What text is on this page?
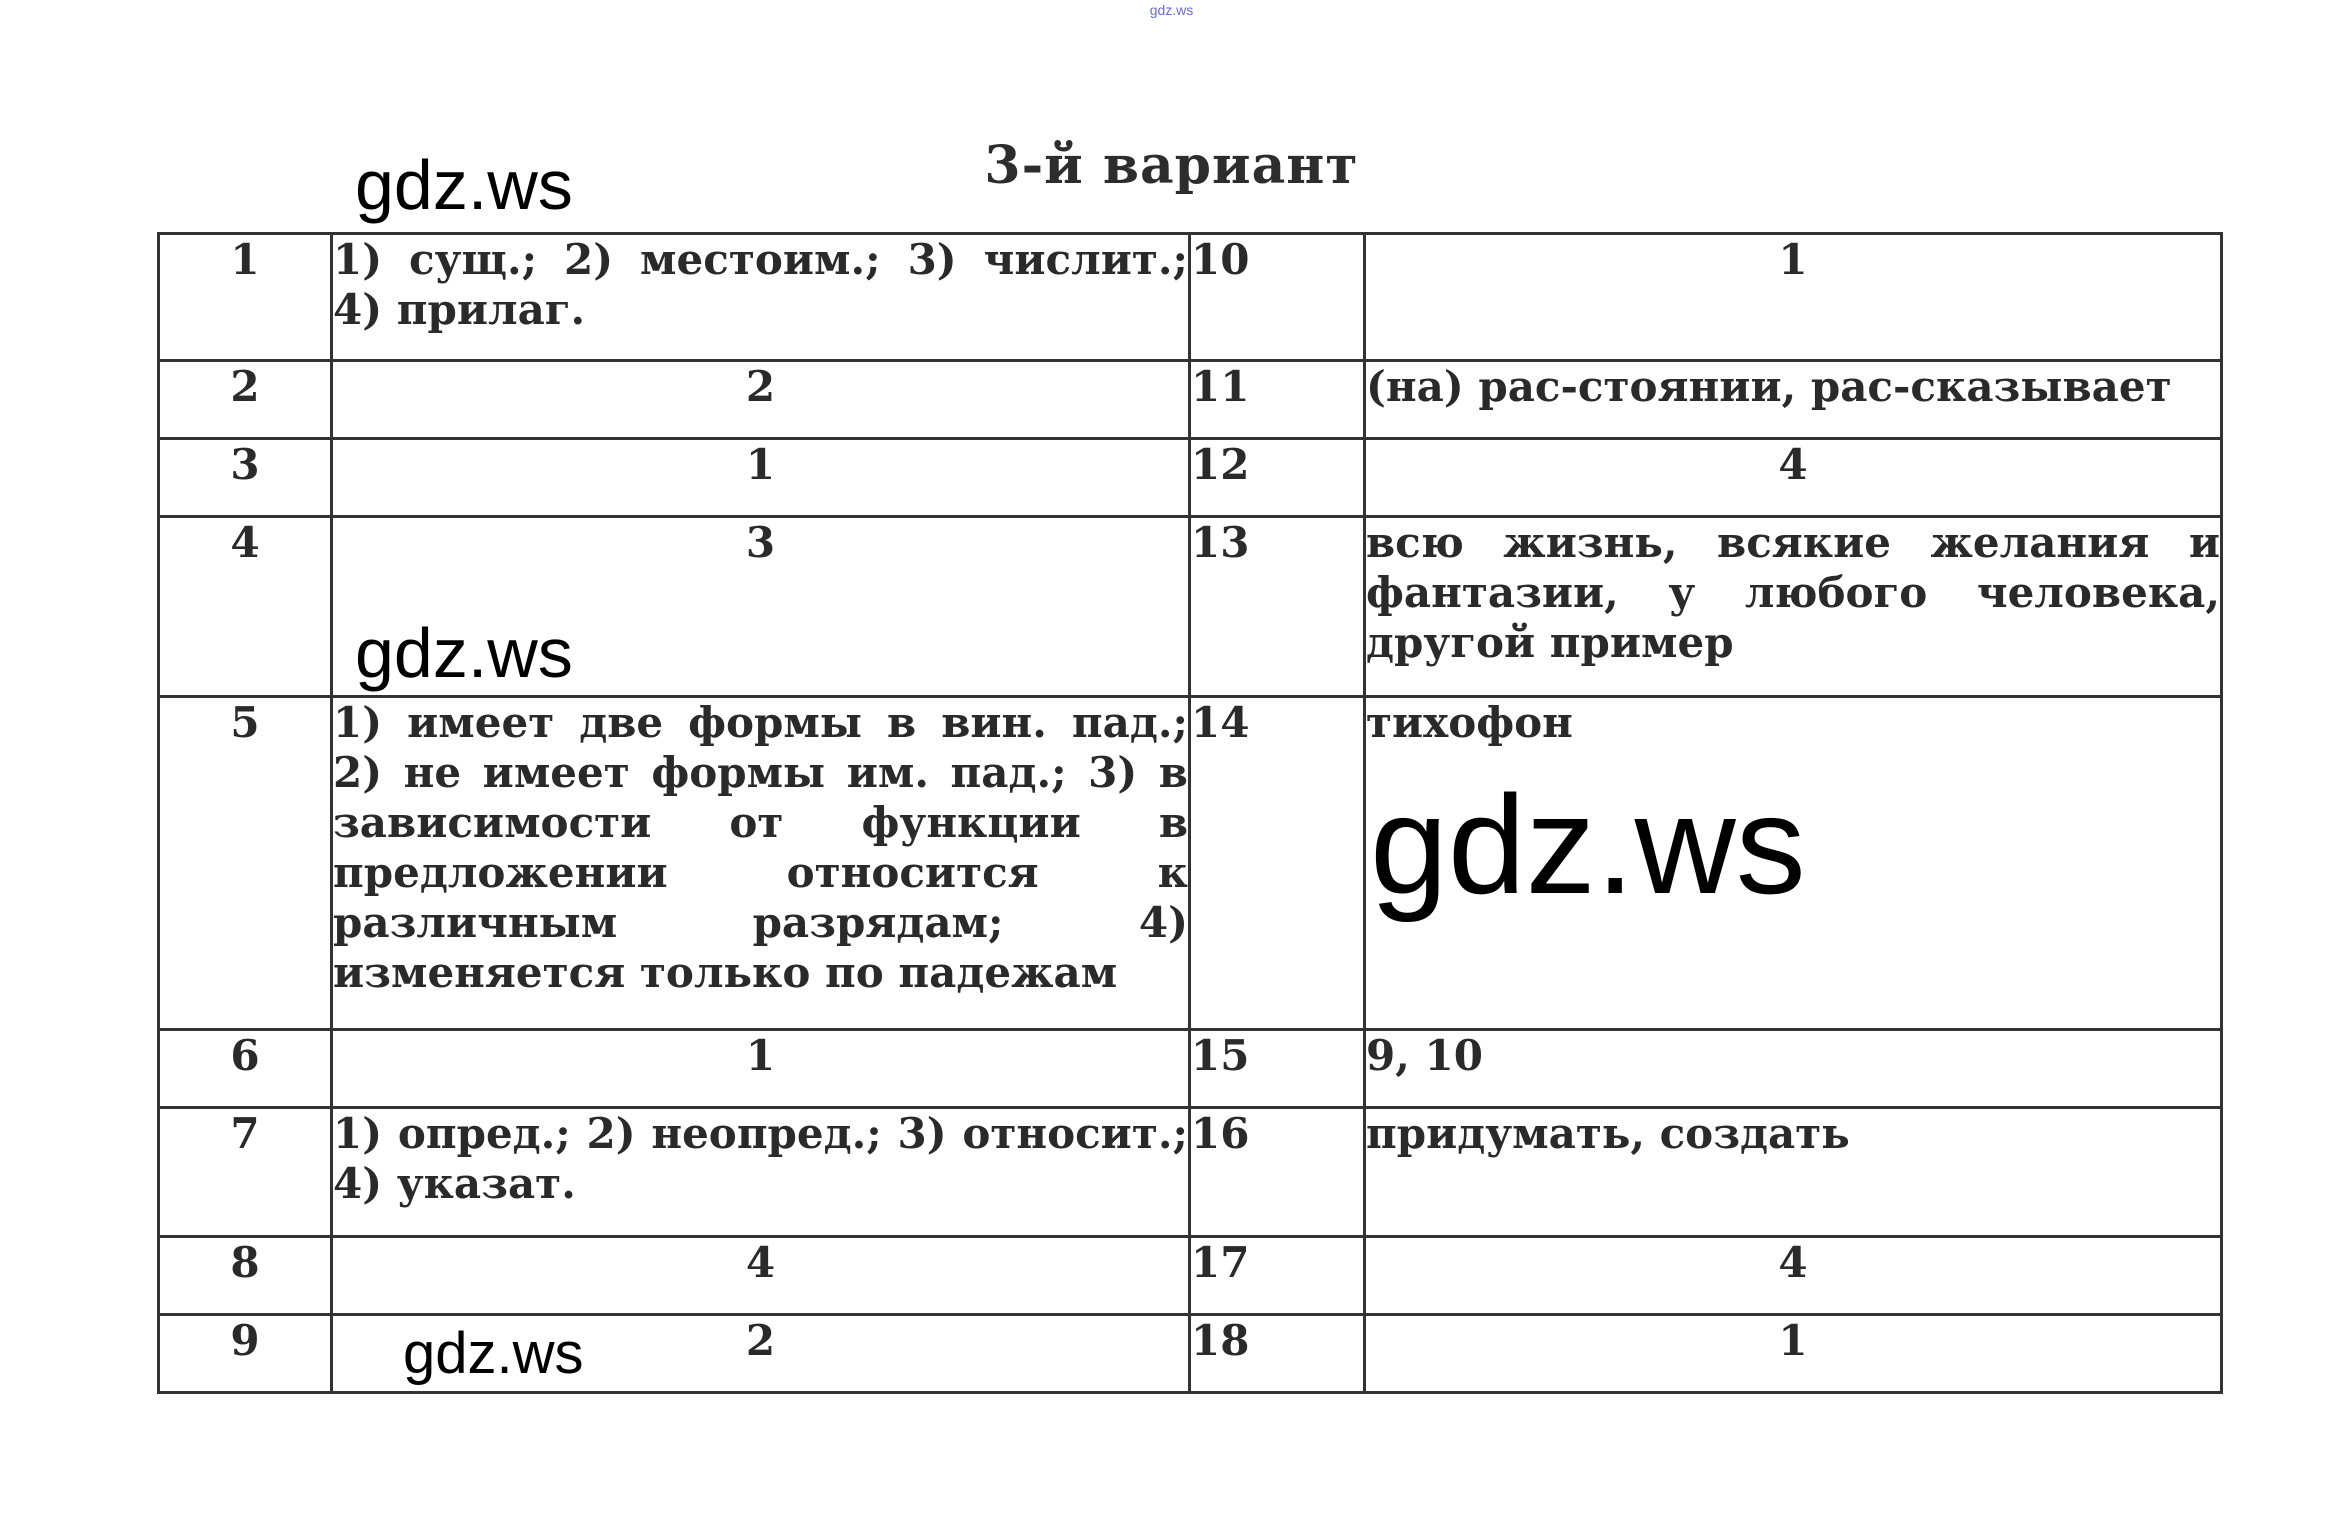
gdz.ws
3-й вариант
1	1) сущ.; 2) местоим.; 3) числит.; 4) прилаг.	10	1
2	2	11	(на) рас-стоянии, рас-сказывает
3	1	12	4
4	3	13	всю жизнь, всякие желания и фантазии, у любого человека, другой пример
5	1) имеет две формы в вин. пад.; 2) не имеет формы им. пад.; 3) в зависимости от функции в предложении относится к различным разрядам; 4) изменяется только по падежам	14	тихофон
6	1	15	9, 10
7	1) опред.; 2) неопред.; 3) относит.; 4) указат.	16	придумать, создать
8	4	17	4
9	2	18	1
gdz.ws
gdz.ws
gdz.ws
gdz.ws
